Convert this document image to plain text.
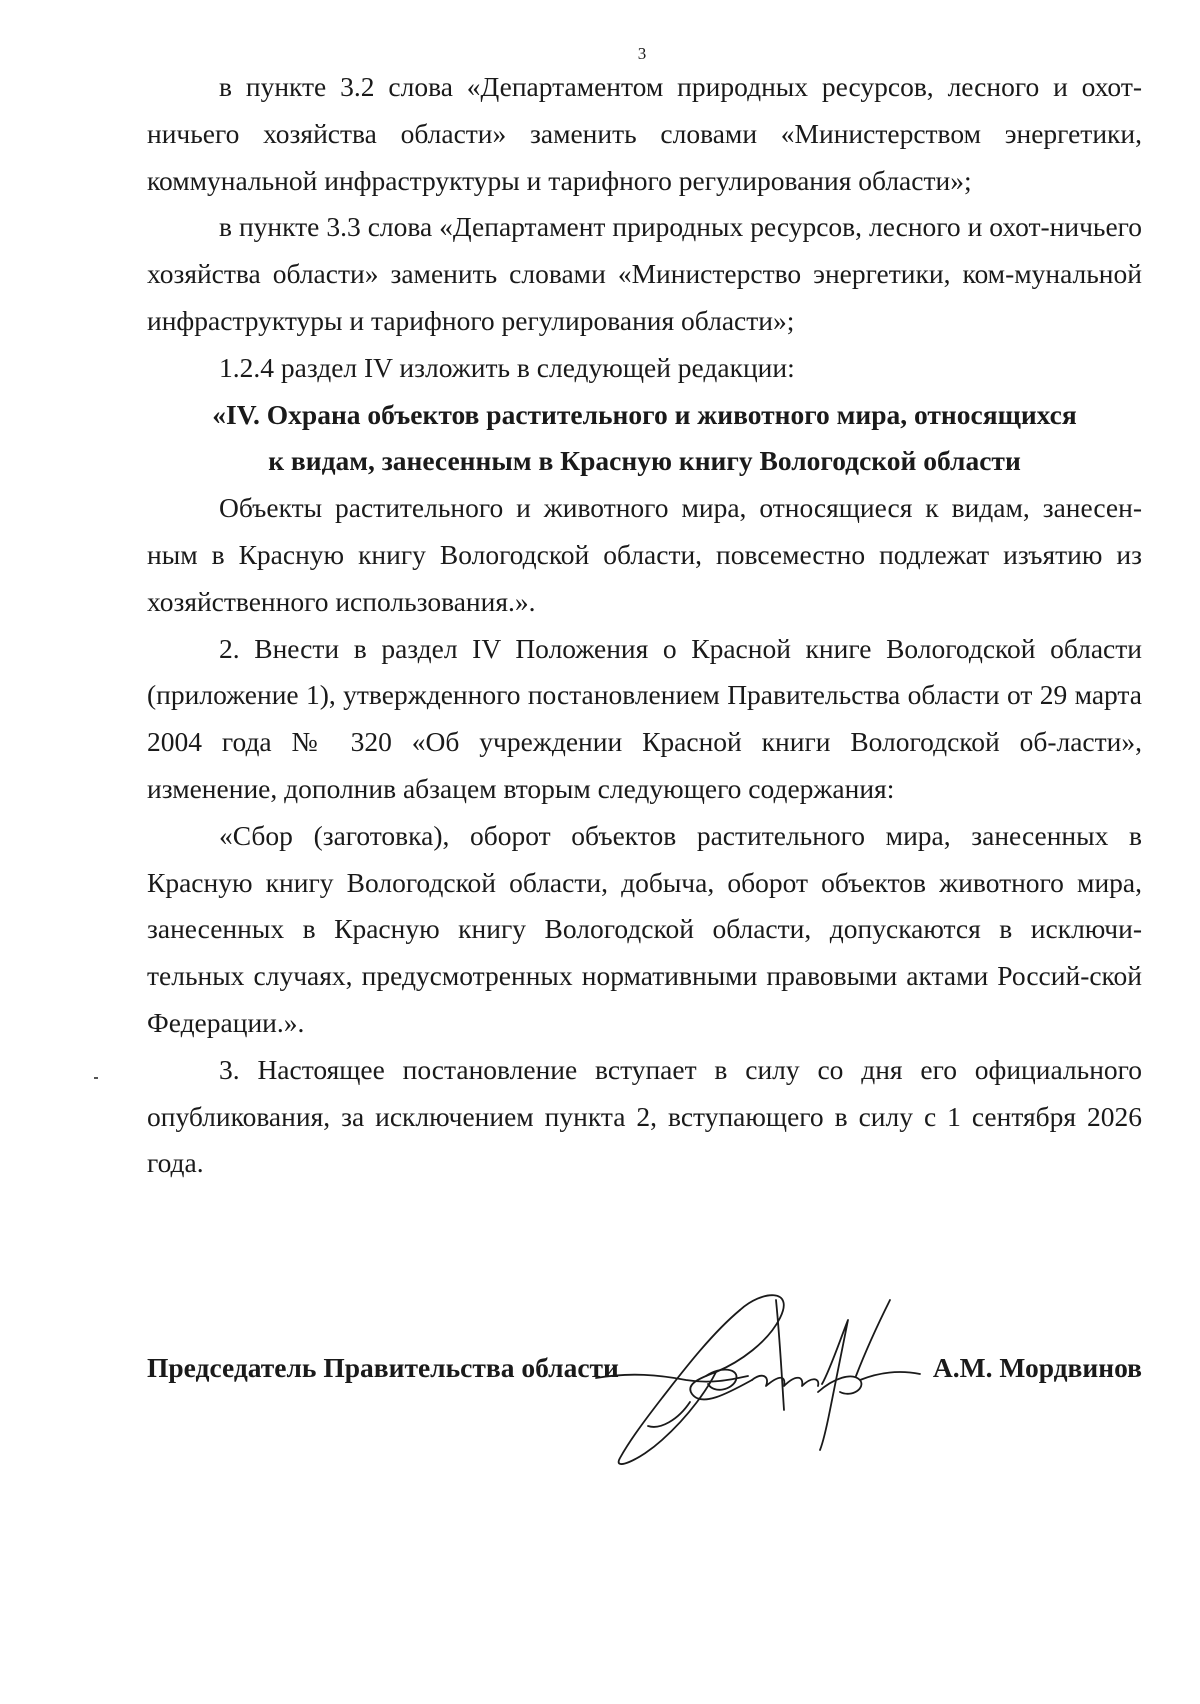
3

в пункте 3.2 слова «Департаментом природных ресурсов, лесного и охот-ничьего хозяйства области» заменить словами «Министерством энергетики, коммунальной инфраструктуры и тарифного регулирования области»;

в пункте 3.3 слова «Департамент природных ресурсов, лесного и охот-ничьего хозяйства области» заменить словами «Министерство энергетики, ком-мунальной инфраструктуры и тарифного регулирования области»;

1.2.4 раздел IV изложить в следующей редакции:

«IV. Охрана объектов растительного и животного мира, относящихся
к видам, занесенным в Красную книгу Вологодской области

Объекты растительного и животного мира, относящиеся к видам, занесен-ным в Красную книгу Вологодской области, повсеместно подлежат изъятию из хозяйственного использования.».

2. Внести в раздел IV Положения о Красной книге Вологодской области (приложение 1), утвержденного постановлением Правительства области от 29 марта 2004 года № 320 «Об учреждении Красной книги Вологодской об-ласти», изменение, дополнив абзацем вторым следующего содержания:

«Сбор (заготовка), оборот объектов растительного мира, занесенных в Красную книгу Вологодской области, добыча, оборот объектов животного мира, занесенных в Красную книгу Вологодской области, допускаются в исключи-тельных случаях, предусмотренных нормативными правовыми актами Россий-ской Федерации.».

3. Настоящее постановление вступает в силу со дня его официального опубликования, за исключением пункта 2, вступающего в силу с 1 сентября 2026 года.

Председатель Правительства области	А.М. Мордвинов
